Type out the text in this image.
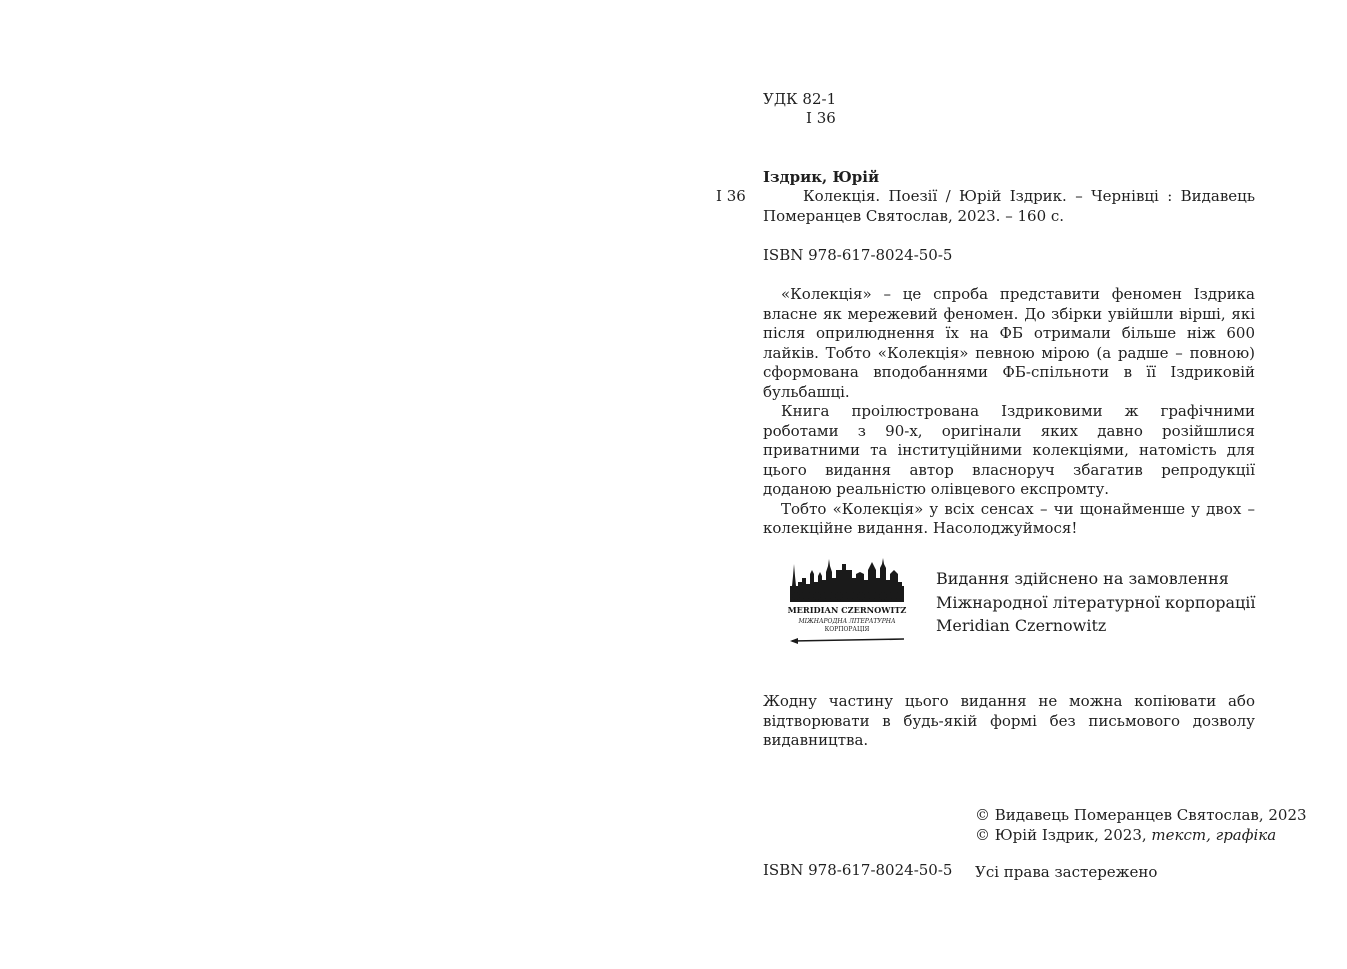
УДК 82-1
І 36
Іздрик, Юрій
І 36	Колекція. Поезії / Юрій Іздрик. – Чернівці : Видавець Померанцев Святослав, 2023. – 160 с.
ISBN 978-617-8024-50-5

«Колекція» – це спроба представити феномен Іздрика власне як мережевий феномен. До збірки увійшли вірші, які після оприлюднення їх на ФБ отримали більше ніж 600 лайків. Тобто «Колекція» певною мірою (а радше – повною) сформована вподобаннями ФБ-спільноти в її Іздриковій бульбашці.

Книга проілюстрована Іздриковими ж графічними роботами з 90-х, оригінали яких давно розійшлися приватними та інституційними колекціями, натомість для цього видання автор власноруч збагатив репродукції доданою реальністю олівцевого експромту.

Тобто «Колекція» у всіх сенсах – чи щонайменше у двох – колекційне видання. Насолоджуймося!

MERIDIAN CZERNOWITZ
МІЖНАРОДНА ЛІТЕРАТУРНА
КОРПОРАЦІЯ
Видання здійснено на замовлення
Міжнародної літературної корпорації
Meridian Czernowitz
Жодну частину цього видання не можна копіювати або відтворювати в будь-якій формі без письмового дозволу видавництва.
© Видавець Померанцев Святослав, 2023
© Юрій Іздрик, 2023, текст, графіка
ISBN 978-617-8024-50-5 Усі права застережено
